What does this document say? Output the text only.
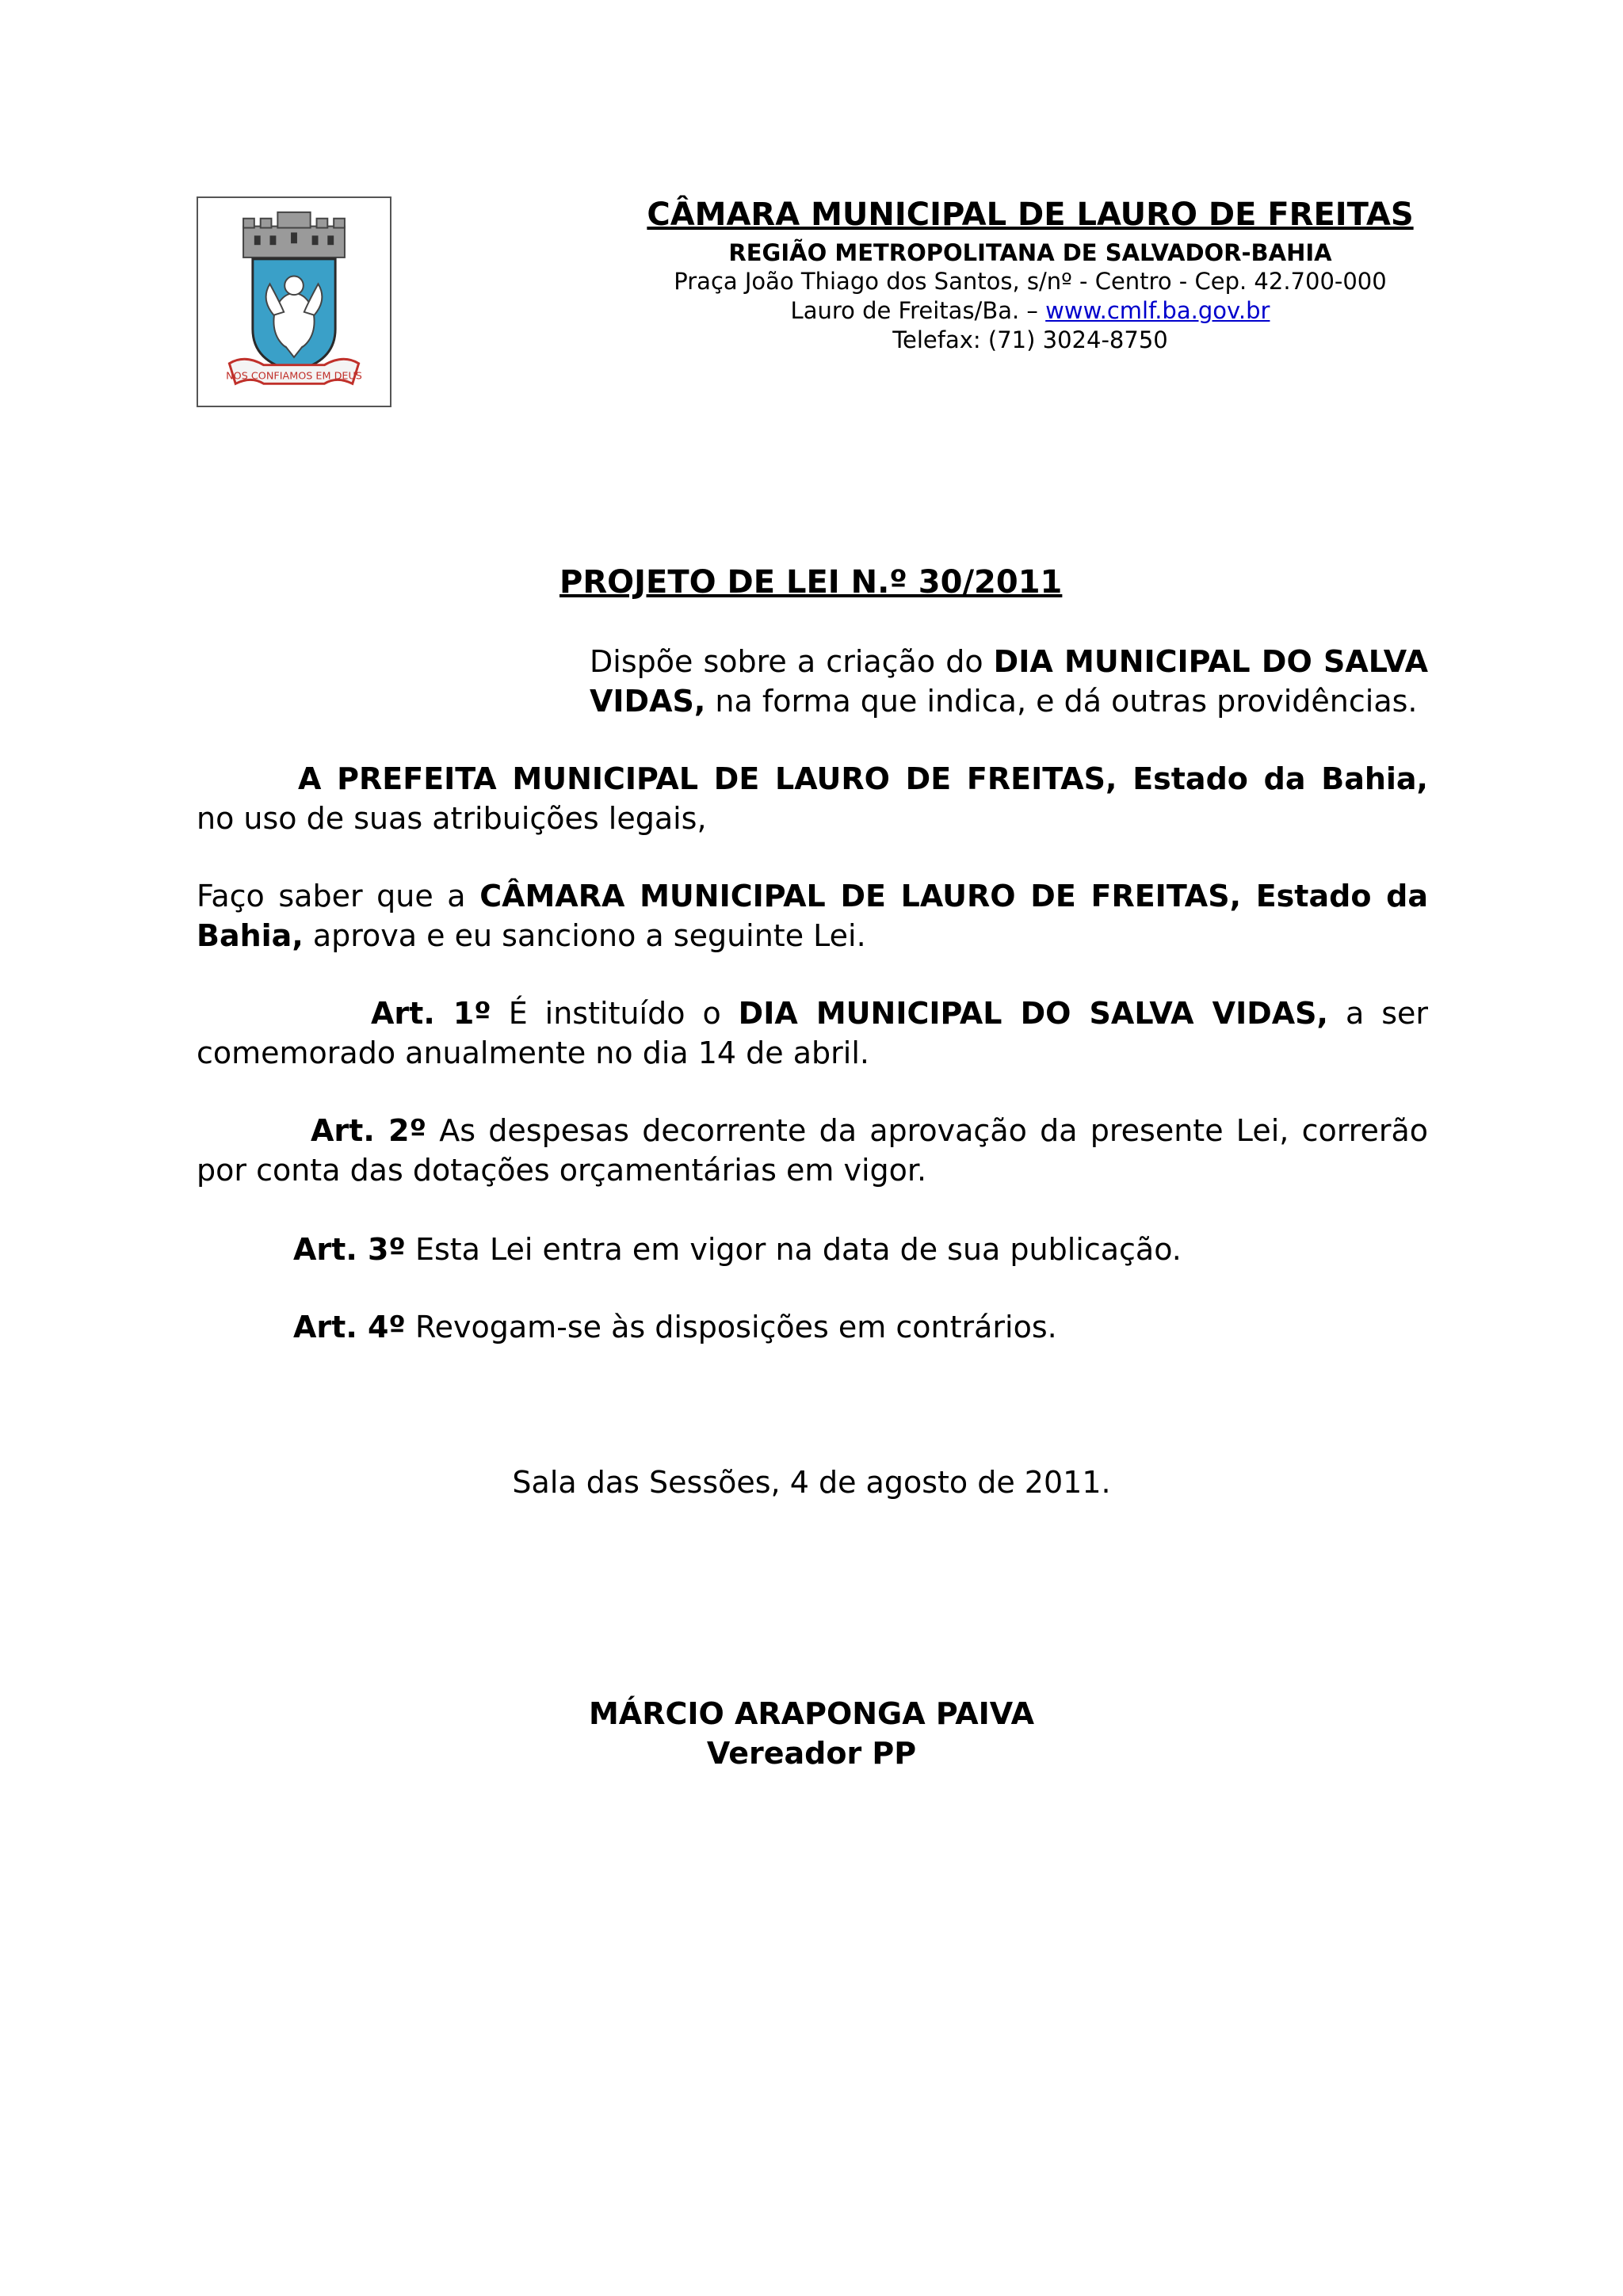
NOS CONFIAMOS EM DEUS
CÂMARA MUNICIPAL DE LAURO DE FREITAS
REGIÃO METROPOLITANA DE SALVADOR-BAHIA
Praça João Thiago dos Santos, s/nº - Centro - Cep. 42.700-000
Lauro de Freitas/Ba. – www.cmlf.ba.gov.br
Telefax: (71) 3024-8750
PROJETO DE LEI N.º 30/2011
Dispõe sobre a criação do DIA MUNICIPAL DO SALVA VIDAS, na forma que indica, e dá outras providências.
A PREFEITA MUNICIPAL DE LAURO DE FREITAS, Estado da Bahia, no uso de suas atribuições legais,
Faço saber que a CÂMARA MUNICIPAL DE LAURO DE FREITAS, Estado da Bahia, aprova e eu sanciono a seguinte Lei.
Art. 1º É instituído o DIA MUNICIPAL DO SALVA VIDAS, a ser comemorado anualmente no dia 14 de abril.
Art. 2º As despesas decorrente da aprovação da presente Lei, correrão por conta das dotações orçamentárias em vigor.
Art. 3º Esta Lei entra em vigor na data de sua publicação.
Art. 4º Revogam-se às disposições em contrários.
Sala das Sessões, 4 de agosto de 2011.
MÁRCIO ARAPONGA PAIVA
Vereador PP
